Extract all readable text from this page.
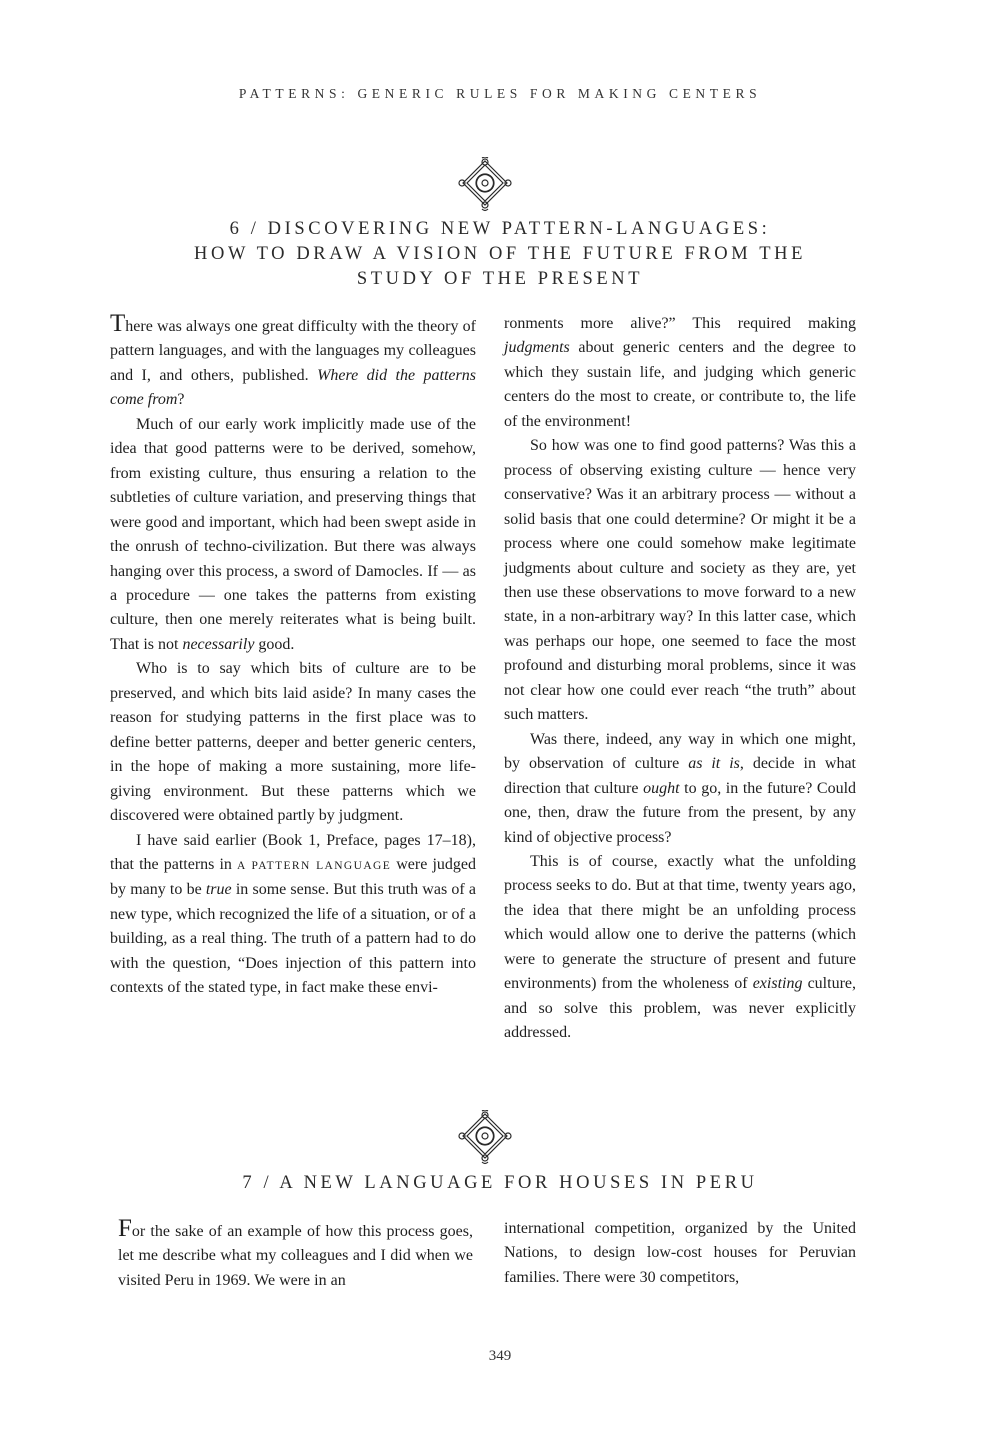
PATTERNS: GENERIC RULES FOR MAKING CENTERS
6 / DISCOVERING NEW PATTERN-LANGUAGES:
HOW TO DRAW A VISION OF THE FUTURE FROM THE
STUDY OF THE PRESENT

There was always one great difficulty with the theory of pattern languages, and with the languages my colleagues and I, and others, published. Where did the patterns come from?

Much of our early work implicitly made use of the idea that good patterns were to be derived, somehow, from existing culture, thus ensuring a relation to the subtleties of culture variation, and preserving things that were good and important, which had been swept aside in the onrush of techno-civilization. But there was always hanging over this process, a sword of Damocles. If — as a procedure — one takes the patterns from existing culture, then one merely reiterates what is being built. That is not necessarily good.

Who is to say which bits of culture are to be preserved, and which bits laid aside? In many cases the reason for studying patterns in the first place was to define better patterns, deeper and better generic centers, in the hope of making a more sustaining, more life-giving environment. But these patterns which we discovered were obtained partly by judgment.

I have said earlier (Book 1, Preface, pages 17–18), that the patterns in A PATTERN LANGUAGE were judged by many to be true in some sense. But this truth was of a new type, which recognized the life of a situation, or of a building, as a real thing. The truth of a pattern had to do with the question, “Does injection of this pattern into contexts of the stated type, in fact make these envi-

ronments more alive?” This required making judgments about generic centers and the degree to which they sustain life, and judging which generic centers do the most to create, or contribute to, the life of the environment!

So how was one to find good patterns? Was this a process of observing existing culture — hence very conservative? Was it an arbitrary process — without a solid basis that one could determine? Or might it be a process where one could somehow make legitimate judgments about culture and society as they are, yet then use these observations to move forward to a new state, in a non-arbitrary way? In this latter case, which was perhaps our hope, one seemed to face the most profound and disturbing moral problems, since it was not clear how one could ever reach “the truth” about such matters.

Was there, indeed, any way in which one might, by observation of culture as it is, decide in what direction that culture ought to go, in the future? Could one, then, draw the future from the present, by any kind of objective process?

This is of course, exactly what the unfolding process seeks to do. But at that time, twenty years ago, the idea that there might be an unfolding process which would allow one to derive the patterns (which were to generate the structure of present and future environments) from the wholeness of existing culture, and so solve this problem, was never explicitly addressed.

7 / A NEW LANGUAGE FOR HOUSES IN PERU

For the sake of an example of how this process goes, let me describe what my colleagues and I did when we visited Peru in 1969. We were in an

international competition, organized by the United Nations, to design low-cost houses for Peruvian families. There were 30 competitors,

349
